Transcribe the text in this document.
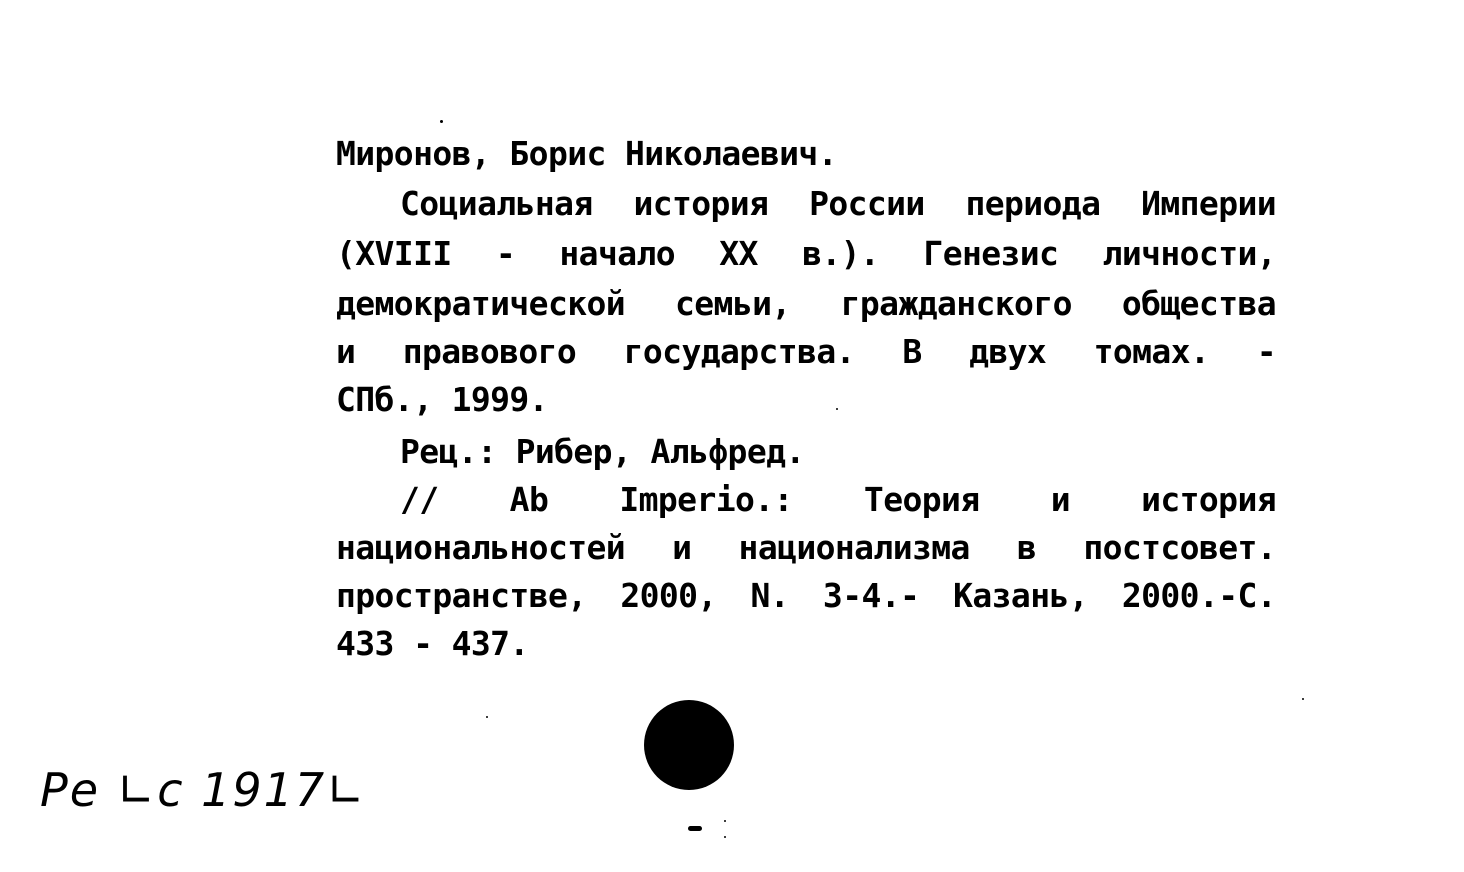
Миронов, Борис Николаевич.
Социальная история России периода Империи
(XVIII - начало XX в.). Генезис личности,
демократической семьи, гражданского общества
и правового государства. В двух томах. -
СПб., 1999.
Рец.: Рибер, Альфред.
// Ab Imperio.: Теория и история
национальностей и национализма в постсовет.
пространстве, 2000, N. 3-4.- Казань, 2000.-С.
433 - 437.
Ре ∟с 1917∟
